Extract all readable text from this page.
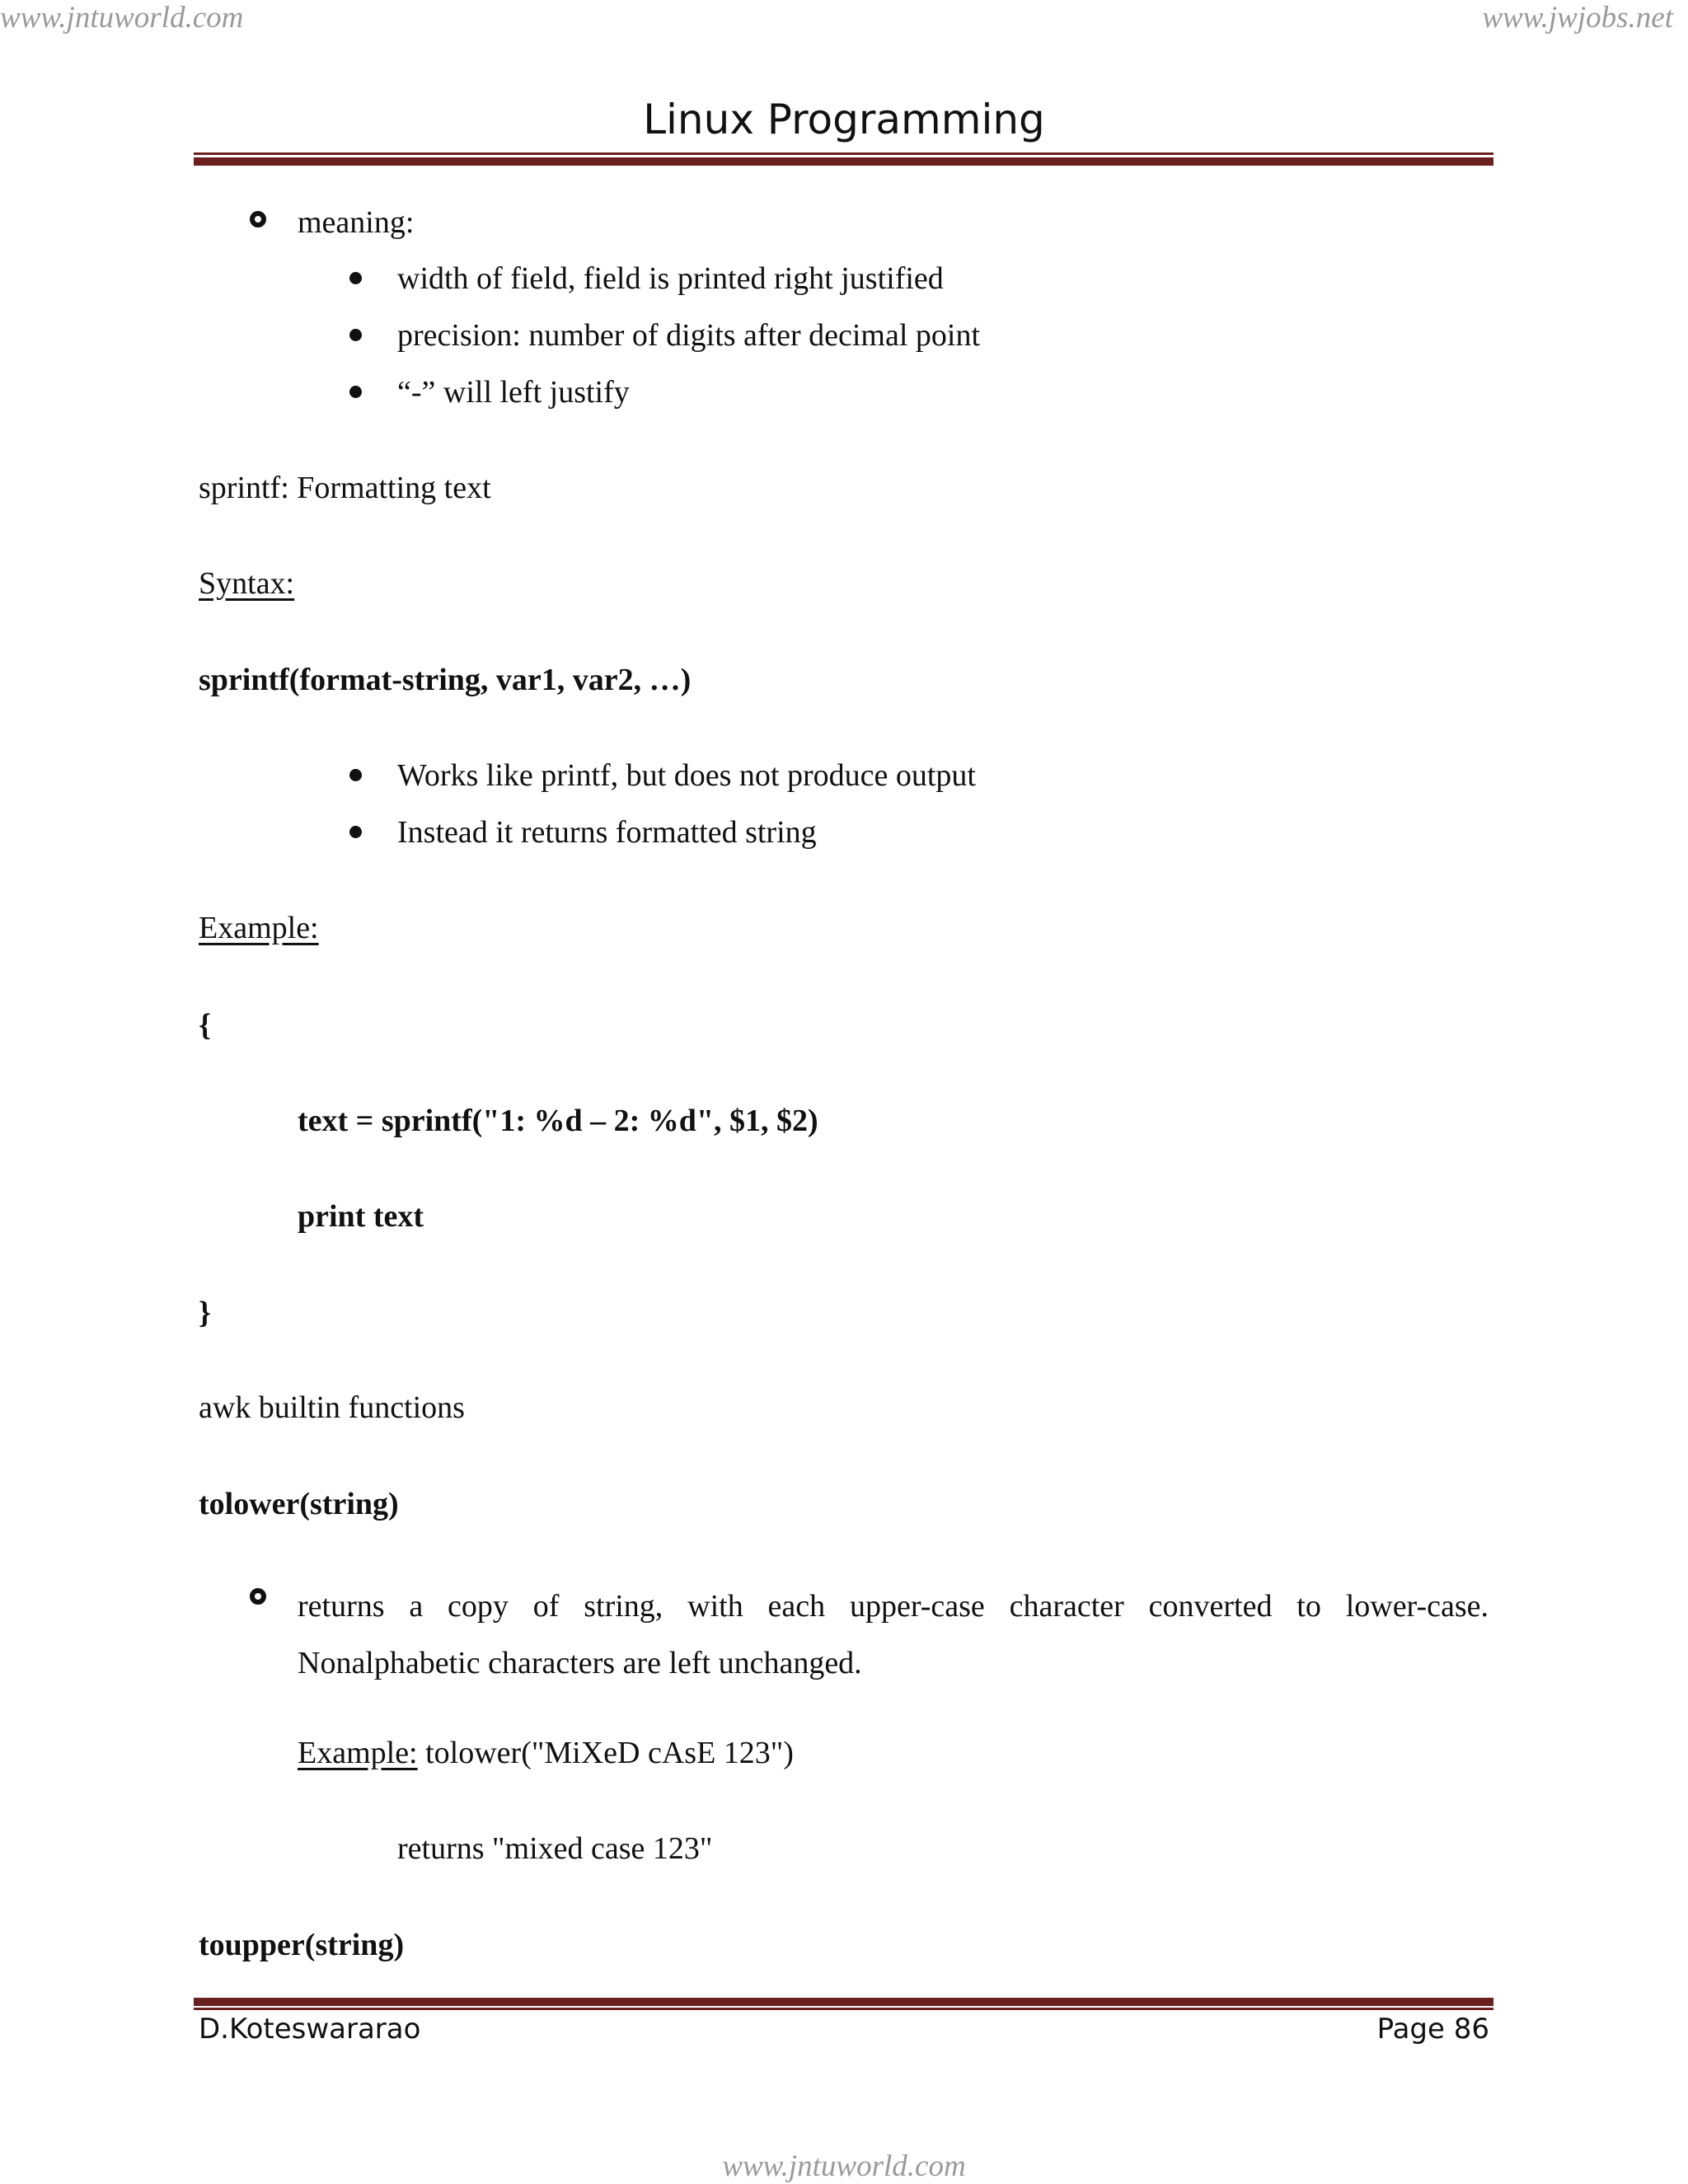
www.jntuworld.com	www.jwjobs.net
Linux Programming
meaning:
width of field, field is printed right justified
precision: number of digits after decimal point
“-” will left justify
sprintf: Formatting text
Syntax:
sprintf(format-string, var1, var2, …)
Works like printf, but does not produce output
Instead it returns formatted string
Example:
{
text = sprintf("1: %d – 2: %d", $1, $2)
print text
}
awk builtin functions
tolower(string)
returns a copy of string, with each upper-case character converted to lower-case. Nonalphabetic characters are left unchanged.
Example: tolower("MiXeD cAsE 123")
returns "mixed case 123"
toupper(string)
D.Koteswararao	Page 86
www.jntuworld.com
